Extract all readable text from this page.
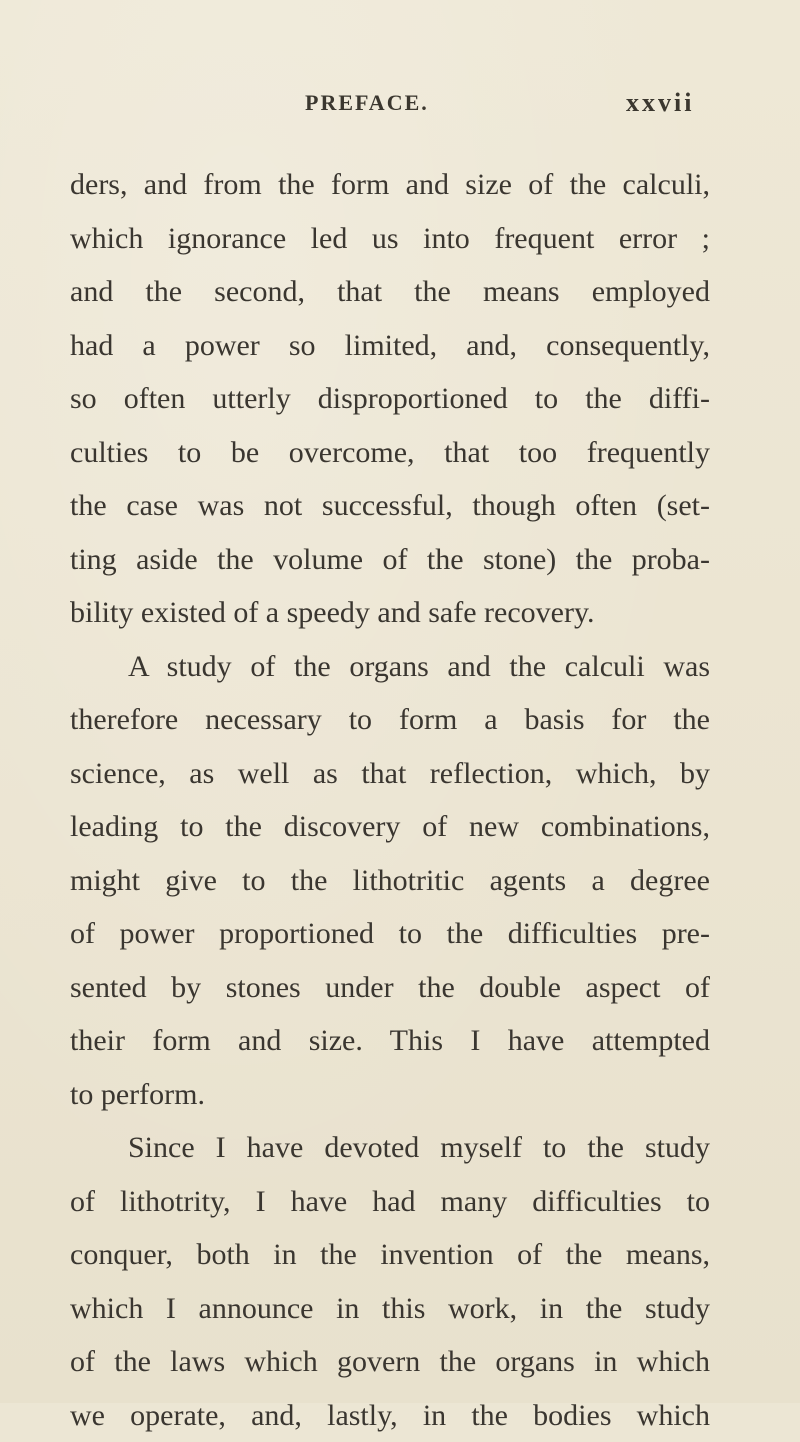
PREFACE.	xxvii
ders, and from the form and size of the calculi,
which ignorance led us into frequent error ;
and the second, that the means employed
had a power so limited, and, consequently,
so often utterly disproportioned to the diffi-
culties to be overcome, that too frequently
the case was not successful, though often (set-
ting aside the volume of the stone) the proba-
bility existed of a speedy and safe recovery.
A study of the organs and the calculi was
therefore necessary to form a basis for the
science, as well as that reflection, which, by
leading to the discovery of new combinations,
might give to the lithotritic agents a degree
of power proportioned to the difficulties pre-
sented by stones under the double aspect of
their form and size. This I have attempted
to perform.
Since I have devoted myself to the study
of lithotrity, I have had many difficulties to
conquer, both in the invention of the means,
which I announce in this work, in the study
of the laws which govern the organs in which
we operate, and, lastly, in the bodies which
